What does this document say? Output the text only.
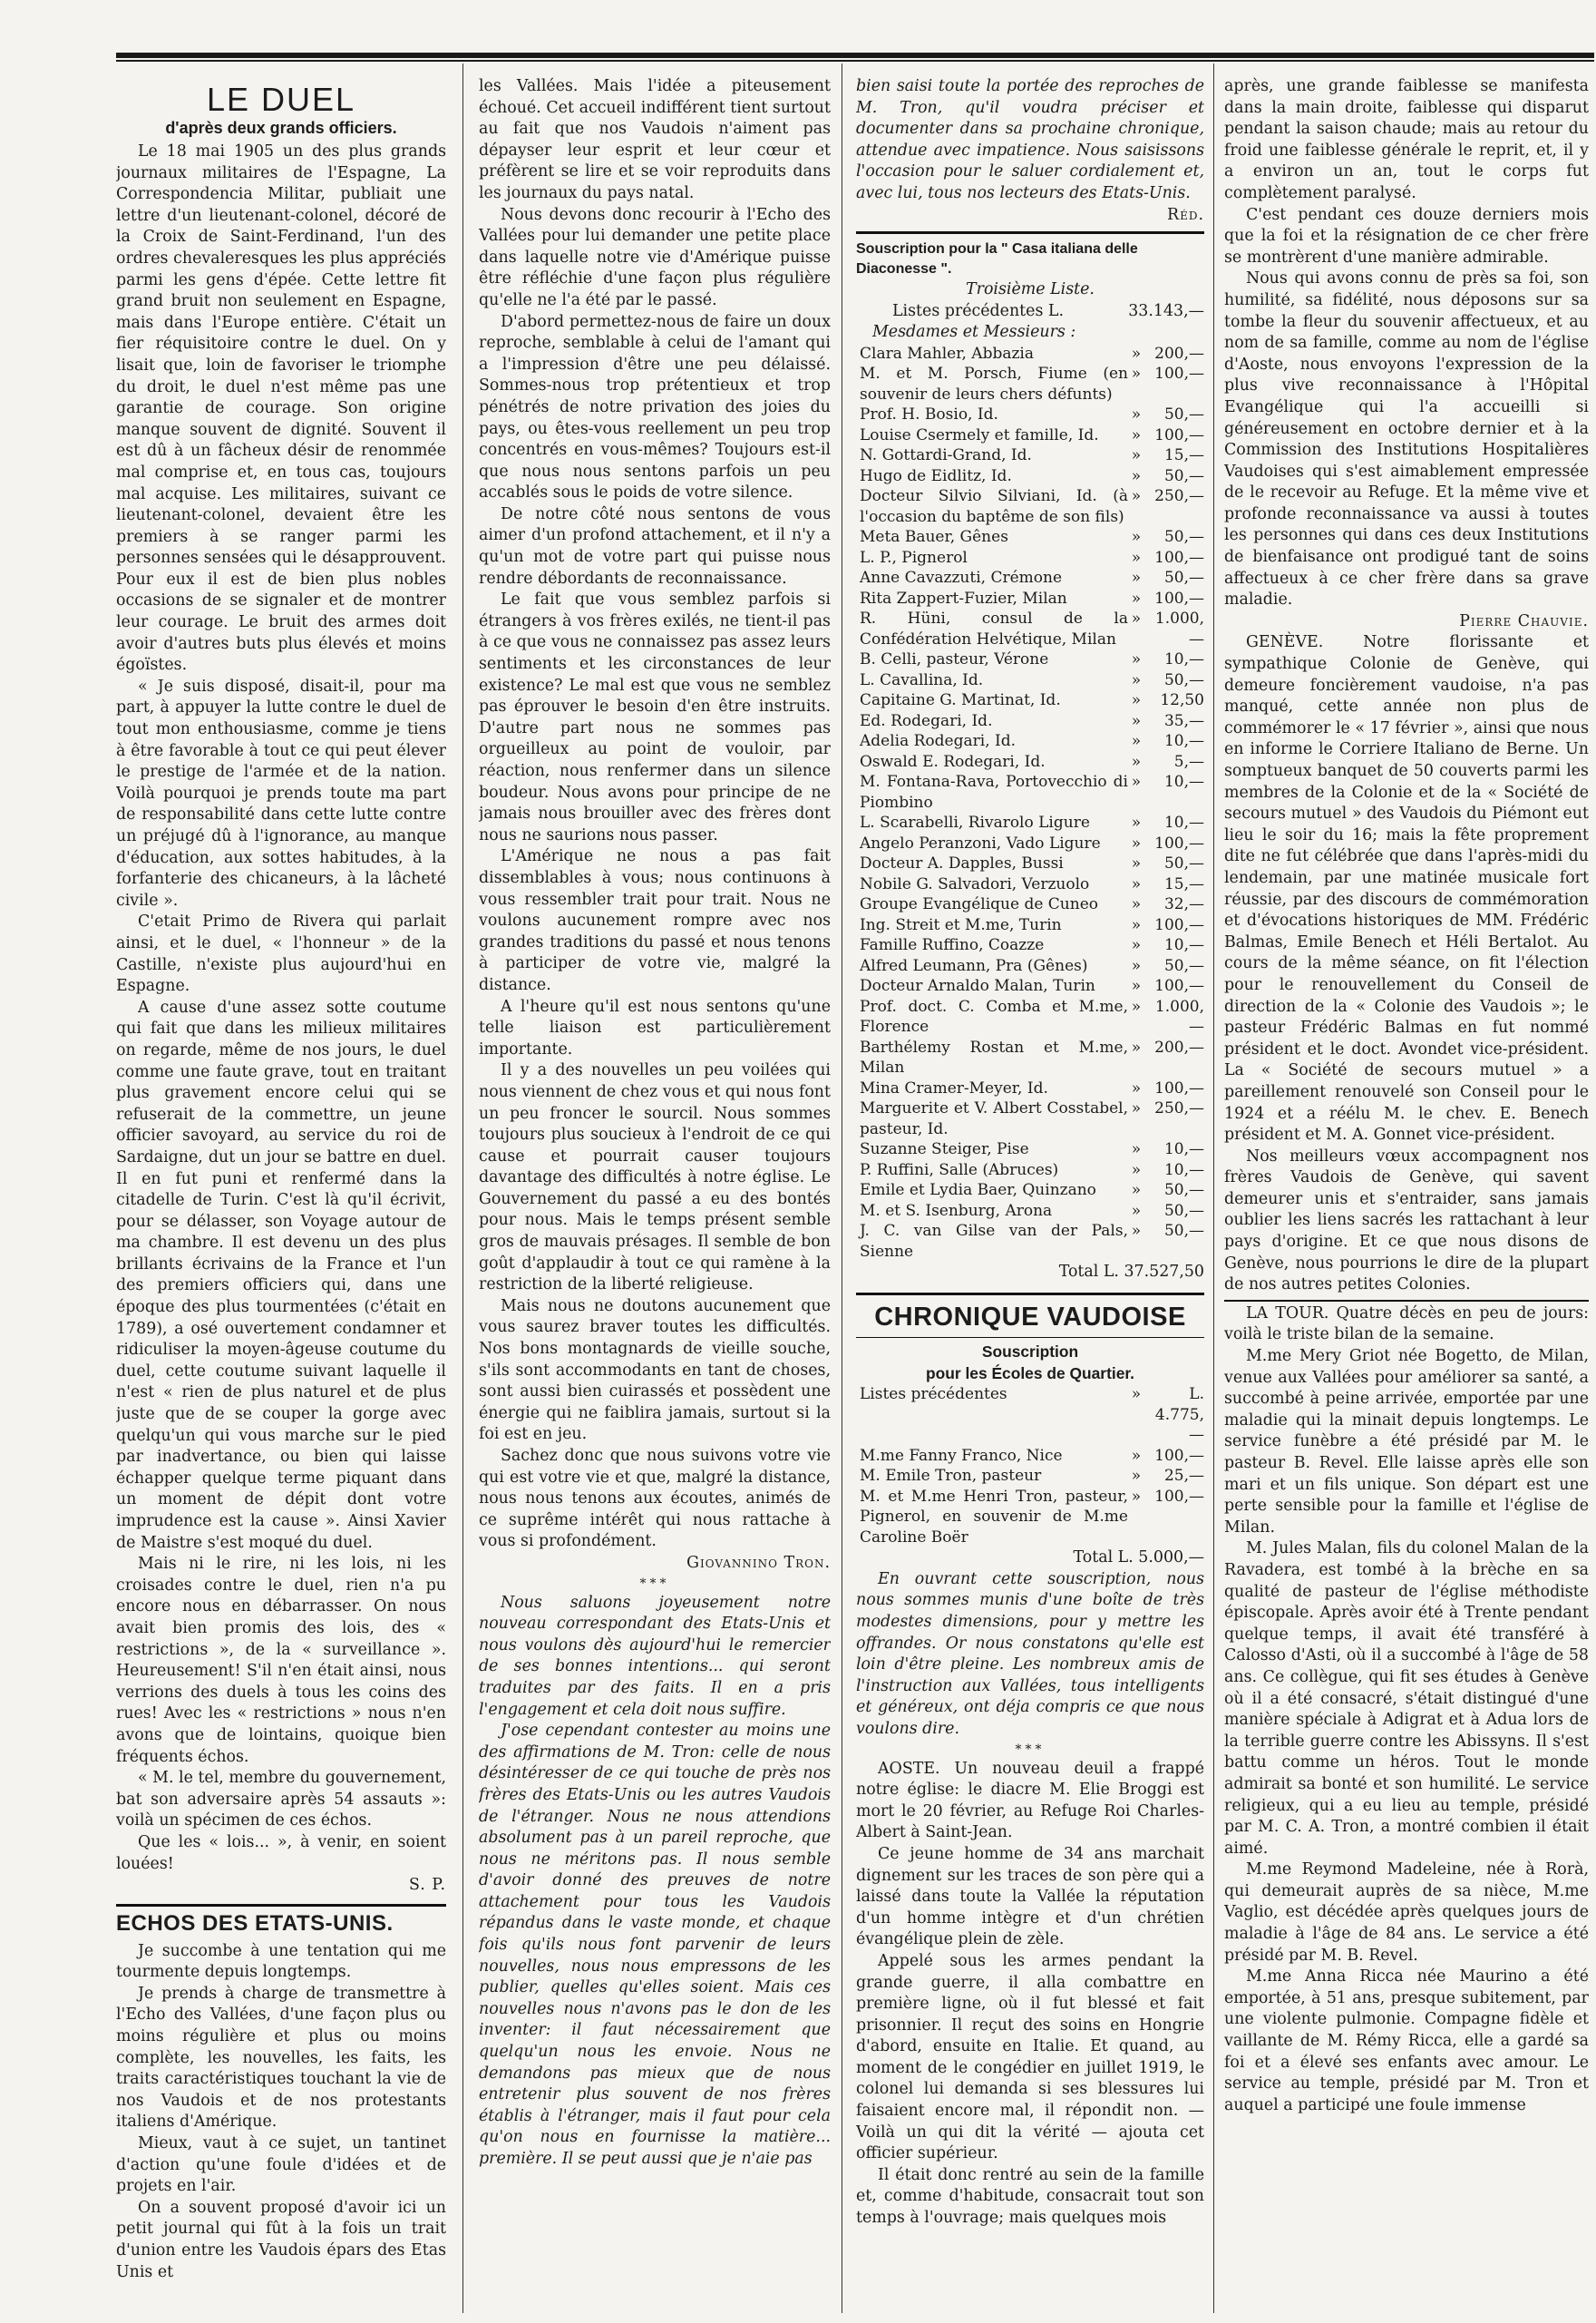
LE DUEL
d'après deux grands officiers.

Le 18 mai 1905 un des plus grands journaux militaires de l'Espagne, La Correspondencia Militar, publiait une lettre d'un lieutenant-colonel, décoré de la Croix de Saint-Ferdinand, l'un des ordres chevaleresques les plus appréciés parmi les gens d'épée. Cette lettre fit grand bruit non seulement en Espagne, mais dans l'Europe entière. C'était un fier réquisitoire contre le duel. On y lisait que, loin de favoriser le triomphe du droit, le duel n'est même pas une garantie de courage. Son origine manque souvent de dignité. Souvent il est dû à un fâcheux désir de renommée mal comprise et, en tous cas, toujours mal acquise. Les militaires, suivant ce lieutenant-colonel, devaient être les premiers à se ranger parmi les personnes sensées qui le désapprouvent. Pour eux il est de bien plus nobles occasions de se signaler et de montrer leur courage. Le bruit des armes doit avoir d'autres buts plus élevés et moins égoïstes.

« Je suis disposé, disait-il, pour ma part, à appuyer la lutte contre le duel de tout mon enthousiasme, comme je tiens à être favorable à tout ce qui peut élever le prestige de l'armée et de la nation. Voilà pourquoi je prends toute ma part de responsabilité dans cette lutte contre un préjugé dû à l'ignorance, au manque d'éducation, aux sottes habitudes, à la forfanterie des chicaneurs, à la lâcheté civile ».

C'etait Primo de Rivera qui parlait ainsi, et le duel, « l'honneur » de la Castille, n'existe plus aujourd'hui en Espagne.

A cause d'une assez sotte coutume qui fait que dans les milieux militaires on regarde, même de nos jours, le duel comme une faute grave, tout en traitant plus gravement encore celui qui se refuserait de la commettre, un jeune officier savoyard, au service du roi de Sardaigne, dut un jour se battre en duel. Il en fut puni et renfermé dans la citadelle de Turin. C'est là qu'il écrivit, pour se délasser, son Voyage autour de ma chambre. Il est devenu un des plus brillants écrivains de la France et l'un des premiers officiers qui, dans une époque des plus tourmentées (c'était en 1789), a osé ouvertement condamner et ridiculiser la moyen-âgeuse coutume du duel, cette coutume suivant laquelle il n'est « rien de plus naturel et de plus juste que de se couper la gorge avec quelqu'un qui vous marche sur le pied par inadvertance, ou bien qui laisse échapper quelque terme piquant dans un moment de dépit dont votre imprudence est la cause ». Ainsi Xavier de Maistre s'est moqué du duel.

Mais ni le rire, ni les lois, ni les croisades contre le duel, rien n'a pu encore nous en débarrasser. On nous avait bien promis des lois, des « restrictions », de la « surveillance ». Heureusement! S'il n'en était ainsi, nous verrions des duels à tous les coins des rues! Avec les « restrictions » nous n'en avons que de lointains, quoique bien fréquents échos.

« M. le tel, membre du gouvernement, bat son adversaire après 54 assauts »: voilà un spécimen de ces échos.

Que les « lois... », à venir, en soient louées!

S. P.
ECHOS DES ETATS-UNIS.

Je succombe à une tentation qui me tourmente depuis longtemps.

Je prends à charge de transmettre à l'Echo des Vallées, d'une façon plus ou moins régulière et plus ou moins complète, les nouvelles, les faits, les traits caractéristiques touchant la vie de nos Vaudois et de nos protestants italiens d'Amérique.

Mieux, vaut à ce sujet, un tantinet d'action qu'une foule d'idées et de projets en l'air.

On a souvent proposé d'avoir ici un petit journal qui fût à la fois un trait d'union entre les Vaudois épars des Etas Unis et

les Vallées. Mais l'idée a piteusement échoué. Cet accueil indifférent tient surtout au fait que nos Vaudois n'aiment pas dépayser leur esprit et leur cœur et préfèrent se lire et se voir reproduits dans les journaux du pays natal.

Nous devons donc recourir à l'Echo des Vallées pour lui demander une petite place dans laquelle notre vie d'Amérique puisse être réfléchie d'une façon plus régulière qu'elle ne l'a été par le passé.

D'abord permettez-nous de faire un doux reproche, semblable à celui de l'amant qui a l'impression d'être une peu délaissé. Sommes-nous trop prétentieux et trop pénétrés de notre privation des joies du pays, ou êtes-vous reellement un peu trop concentrés en vous-mêmes? Toujours est-il que nous nous sentons parfois un peu accablés sous le poids de votre silence.

De notre côté nous sentons de vous aimer d'un profond attachement, et il n'y a qu'un mot de votre part qui puisse nous rendre débordants de reconnaissance.

Le fait que vous semblez parfois si étrangers à vos frères exilés, ne tient-il pas à ce que vous ne connaissez pas assez leurs sentiments et les circonstances de leur existence? Le mal est que vous ne semblez pas éprouver le besoin d'en être instruits. D'autre part nous ne sommes pas orgueilleux au point de vouloir, par réaction, nous renfermer dans un silence boudeur. Nous avons pour principe de ne jamais nous brouiller avec des frères dont nous ne saurions nous passer.

L'Amérique ne nous a pas fait dissemblables à vous; nous continuons à vous ressembler trait pour trait. Nous ne voulons aucunement rompre avec nos grandes traditions du passé et nous tenons à participer de votre vie, malgré la distance.

A l'heure qu'il est nous sentons qu'une telle liaison est particulièrement importante.

Il y a des nouvelles un peu voilées qui nous viennent de chez vous et qui nous font un peu froncer le sourcil. Nous sommes toujours plus soucieux à l'endroit de ce qui cause et pourrait causer toujours davantage des difficultés à notre église. Le Gouvernement du passé a eu des bontés pour nous. Mais le temps présent semble gros de mauvais présages. Il semble de bon goût d'applaudir à tout ce qui ramène à la restriction de la liberté religieuse.

Mais nous ne doutons aucunement que vous saurez braver toutes les difficultés. Nos bons montagnards de vieille souche, s'ils sont accommodants en tant de choses, sont aussi bien cuirassés et possèdent une énergie qui ne faiblira jamais, surtout si la foi est en jeu.

Sachez donc que nous suivons votre vie qui est votre vie et que, malgré la distance, nous nous tenons aux écoutes, animés de ce suprême intérêt qui nous rattache à vous si profondément.

Giovannino Tron.
***

Nous saluons joyeusement notre nouveau correspondant des Etats-Unis et nous voulons dès aujourd'hui le remercier de ses bonnes intentions... qui seront traduites par des faits. Il en a pris l'engagement et cela doit nous suffire.

J'ose cependant contester au moins une des affirmations de M. Tron: celle de nous désintéresser de ce qui touche de près nos frères des Etats-Unis ou les autres Vaudois de l'étranger. Nous ne nous attendions absolument pas à un pareil reproche, que nous ne méritons pas. Il nous semble d'avoir donné des preuves de notre attachement pour tous les Vaudois répandus dans le vaste monde, et chaque fois qu'ils nous font parvenir de leurs nouvelles, nous nous empressons de les publier, quelles qu'elles soient. Mais ces nouvelles nous n'avons pas le don de les inventer: il faut nécessairement que quelqu'un nous les envoie. Nous ne demandons pas mieux que de nous entretenir plus souvent de nos frères établis à l'étranger, mais il faut pour cela qu'on nous en fournisse la matière... première. Il se peut aussi que je n'aie pas

bien saisi toute la portée des reproches de M. Tron, qu'il voudra préciser et documenter dans sa prochaine chronique, attendue avec impatience. Nous saisissons l'occasion pour le saluer cordialement et, avec lui, tous nos lecteurs des Etats-Unis.

Réd.
Souscription pour la " Casa italiana delle Diaconesse ".
Troisième Liste.
Listes précédentes L.	33.143,—
Mesdames et Messieurs :
Clara Mahler, Abbazia	»	200,—
M. et M. Porsch, Fiume (en souvenir de leurs chers défunts)	»	100,—
Prof. H. Bosio, Id.	»	50,—
Louise Csermely et famille, Id.	»	100,—
N. Gottardi-Grand, Id.	»	15,—
Hugo de Eidlitz, Id.	»	50,—
Docteur Silvio Silviani, Id. (à l'occasion du baptême de son fils)	»	250,—
Meta Bauer, Gênes	»	50,—
L. P., Pignerol	»	100,—
Anne Cavazzuti, Crémone	»	50,—
Rita Zappert-Fuzier, Milan	»	100,—
R. Hüni, consul de la Confédération Helvétique, Milan	»	1.000,—
B. Celli, pasteur, Vérone	»	10,—
L. Cavallina, Id.	»	50,—
Capitaine G. Martinat, Id.	»	12,50
Ed. Rodegari, Id.	»	35,—
Adelia Rodegari, Id.	»	10,—
Oswald E. Rodegari, Id.	»	5,—
M. Fontana-Rava, Portovecchio di Piombino	»	10,—
L. Scarabelli, Rivarolo Ligure	»	10,—
Angelo Peranzoni, Vado Ligure	»	100,—
Docteur A. Dapples, Bussi	»	50,—
Nobile G. Salvadori, Verzuolo	»	15,—
Groupe Evangélique de Cuneo	»	32,—
Ing. Streit et M.me, Turin	»	100,—
Famille Ruffino, Coazze	»	10,—
Alfred Leumann, Pra (Gênes)	»	50,—
Docteur Arnaldo Malan, Turin	»	100,—
Prof. doct. C. Comba et M.me, Florence	»	1.000,—
Barthélemy Rostan et M.me, Milan	»	200,—
Mina Cramer-Meyer, Id.	»	100,—
Marguerite et V. Albert Cosstabel, pasteur, Id.	»	250,—
Suzanne Steiger, Pise	»	10,—
P. Ruffini, Salle (Abruces)	»	10,—
Emile et Lydia Baer, Quinzano	»	50,—
M. et S. Isenburg, Arona	»	50,—
J. C. van Gilse van der Pals, Sienne	»	50,—
Total L. 37.527,50
CHRONIQUE VAUDOISE
Souscription
pour les Écoles de Quartier.
Listes précédentes	»	L. 4.775,—
M.me Fanny Franco, Nice	»	100,—
M. Emile Tron, pasteur	»	25,—
M. et M.me Henri Tron, pasteur, Pignerol, en souvenir de M.me Caroline Boër	»	100,—
Total L. 5.000,—

En ouvrant cette souscription, nous nous sommes munis d'une boîte de très modestes dimensions, pour y mettre les offrandes. Or nous constatons qu'elle est loin d'être pleine. Les nombreux amis de l'instruction aux Vallées, tous intelligents et généreux, ont déja compris ce que nous voulons dire.

***

AOSTE. Un nouveau deuil a frappé notre église: le diacre M. Elie Broggi est mort le 20 février, au Refuge Roi Charles-Albert à Saint-Jean.

Ce jeune homme de 34 ans marchait dignement sur les traces de son père qui a laissé dans toute la Vallée la réputation d'un homme intègre et d'un chrétien évangélique plein de zèle.

Appelé sous les armes pendant la grande guerre, il alla combattre en première ligne, où il fut blessé et fait prisonnier. Il reçut des soins en Hongrie d'abord, ensuite en Italie. Et quand, au moment de le congédier en juillet 1919, le colonel lui demanda si ses blessures lui faisaient encore mal, il répondit non. — Voilà un qui dit la vérité — ajouta cet officier supérieur.

Il était donc rentré au sein de la famille et, comme d'habitude, consacrait tout son temps à l'ouvrage; mais quelques mois

après, une grande faiblesse se manifesta dans la main droite, faiblesse qui disparut pendant la saison chaude; mais au retour du froid une faiblesse générale le reprit, et, il y a environ un an, tout le corps fut complètement paralysé.

C'est pendant ces douze derniers mois que la foi et la résignation de ce cher frère se montrèrent d'une manière admirable.

Nous qui avons connu de près sa foi, son humilité, sa fidélité, nous déposons sur sa tombe la fleur du souvenir affectueux, et au nom de sa famille, comme au nom de l'église d'Aoste, nous envoyons l'expression de la plus vive reconnaissance à l'Hôpital Evangélique qui l'a accueilli si généreusement en octobre dernier et à la Commission des Institutions Hospitalières Vaudoises qui s'est aimablement empressée de le recevoir au Refuge. Et la même vive et profonde reconnaissance va aussi à toutes les personnes qui dans ces deux Institutions de bienfaisance ont prodigué tant de soins affectueux à ce cher frère dans sa grave maladie.

Pierre Chauvie.

GENÈVE. Notre florissante et sympathique Colonie de Genève, qui demeure foncièrement vaudoise, n'a pas manqué, cette année non plus de commémorer le « 17 février », ainsi que nous en informe le Corriere Italiano de Berne. Un somptueux banquet de 50 couverts parmi les membres de la Colonie et de la « Société de secours mutuel » des Vaudois du Piémont eut lieu le soir du 16; mais la fête proprement dite ne fut célébrée que dans l'après-midi du lendemain, par une matinée musicale fort réussie, par des discours de commémoration et d'évocations historiques de MM. Frédéric Balmas, Emile Benech et Héli Bertalot. Au cours de la même séance, on fit l'élection pour le renouvellement du Conseil de direction de la « Colonie des Vaudois »; le pasteur Frédéric Balmas en fut nommé président et le doct. Avondet vice-président. La « Société de secours mutuel » a pareillement renouvelé son Conseil pour le 1924 et a réélu M. le chev. E. Benech président et M. A. Gonnet vice-président.

Nos meilleurs vœux accompagnent nos frères Vaudois de Genève, qui savent demeurer unis et s'entraider, sans jamais oublier les liens sacrés les rattachant à leur pays d'origine. Et ce que nous disons de Genève, nous pourrions le dire de la plupart de nos autres petites Colonies.

LA TOUR. Quatre décès en peu de jours: voilà le triste bilan de la semaine.

M.me Mery Griot née Bogetto, de Milan, venue aux Vallées pour améliorer sa santé, a succombé à peine arrivée, emportée par une maladie qui la minait depuis longtemps. Le service funèbre a été présidé par M. le pasteur B. Revel. Elle laisse après elle son mari et un fils unique. Son départ est une perte sensible pour la famille et l'église de Milan.

M. Jules Malan, fils du colonel Malan de la Ravadera, est tombé à la brèche en sa qualité de pasteur de l'église méthodiste épiscopale. Après avoir été à Trente pendant quelque temps, il avait été transféré à Calosso d'Asti, où il a succombé à l'âge de 58 ans. Ce collègue, qui fit ses études à Genève où il a été consacré, s'était distingué d'une manière spéciale à Adigrat et à Adua lors de la terrible guerre contre les Abissyns. Il s'est battu comme un héros. Tout le monde admirait sa bonté et son humilité. Le service religieux, qui a eu lieu au temple, présidé par M. C. A. Tron, a montré combien il était aimé.

M.me Reymond Madeleine, née à Rorà, qui demeurait auprès de sa nièce, M.me Vaglio, est décédée après quelques jours de maladie à l'âge de 84 ans. Le service a été présidé par M. B. Revel.

M.me Anna Ricca née Maurino a été emportée, à 51 ans, presque subitement, par une violente pulmonie. Compagne fidèle et vaillante de M. Rémy Ricca, elle a gardé sa foi et a élevé ses enfants avec amour. Le service au temple, présidé par M. Tron et auquel a participé une foule immense
